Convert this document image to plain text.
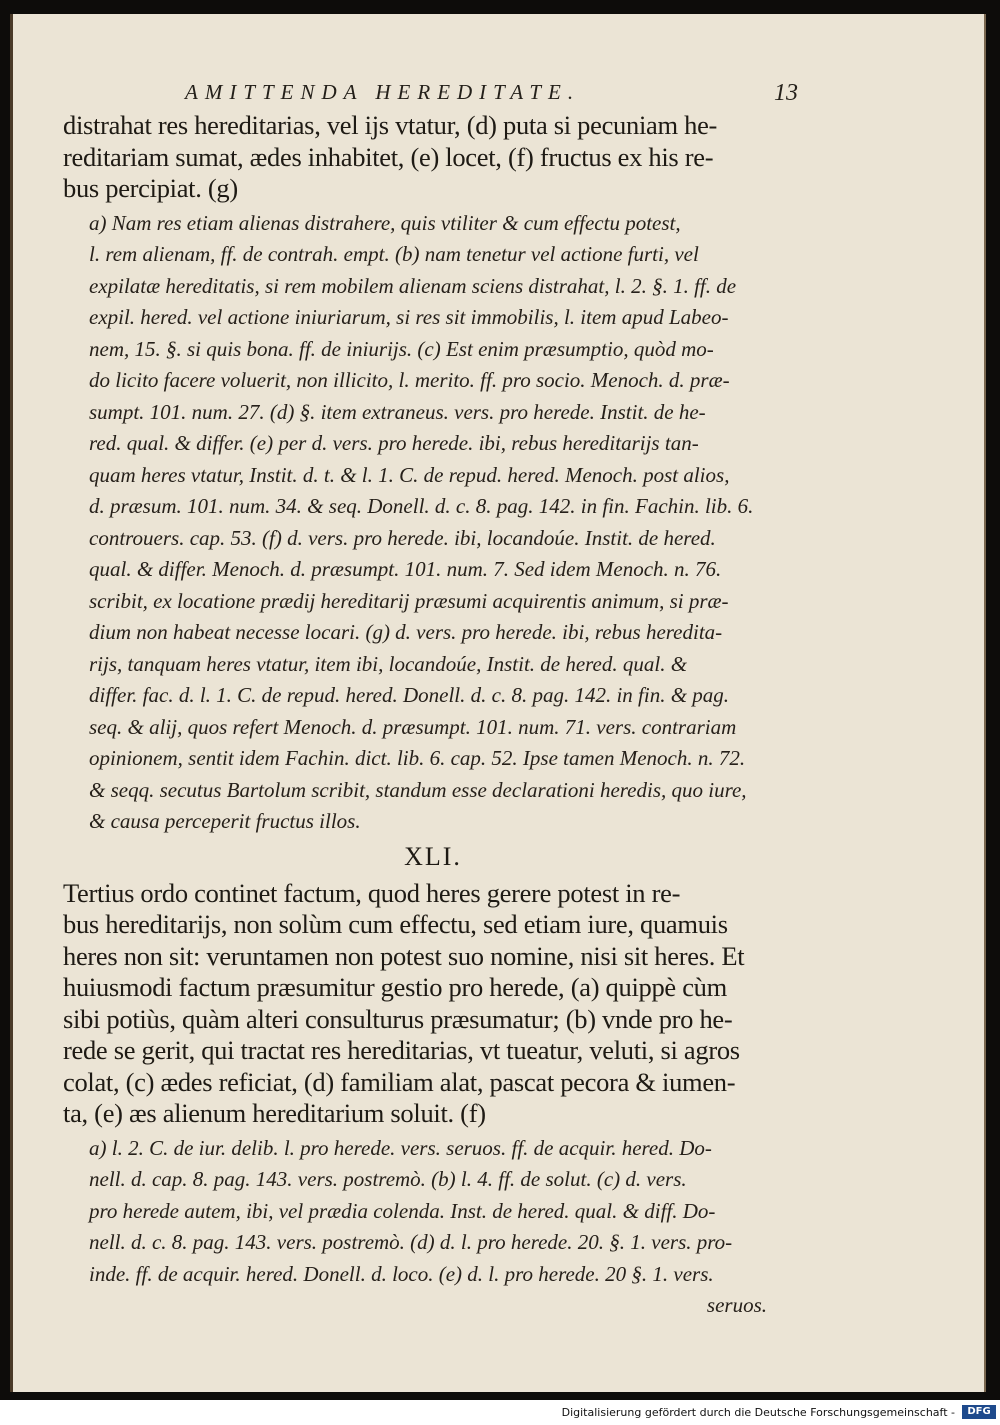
AMITTENDA HEREDITATE.	13

distrahat res hereditarias, vel ijs vtatur, (d) puta si pecuniam he-
reditariam sumat, ædes inhabitet, (e) locet, (f) fructus ex his re-
bus percipiat. (g)

a) Nam res etiam alienas distrahere, quis vtiliter & cum effectu potest,
l. rem alienam, ff. de contrah. empt. (b) nam tenetur vel actione furti, vel
expilatæ hereditatis, si rem mobilem alienam sciens distrahat, l. 2. §. 1. ff. de
expil. hered. vel actione iniuriarum, si res sit immobilis, l. item apud Labeo-
nem, 15. §. si quis bona. ff. de iniurijs. (c) Est enim præsumptio, quòd mo-
do licito facere voluerit, non illicito, l. merito. ff. pro socio. Menoch. d. præ-
sumpt. 101. num. 27. (d) §. item extraneus. vers. pro herede. Instit. de he-
red. qual. & differ. (e) per d. vers. pro herede. ibi, rebus hereditarijs tan-
quam heres vtatur, Instit. d. t. & l. 1. C. de repud. hered. Menoch. post alios,
d. præsum. 101. num. 34. & seq. Donell. d. c. 8. pag. 142. in fin. Fachin. lib. 6.
controuers. cap. 53. (f) d. vers. pro herede. ibi, locandoúe. Instit. de hered.
qual. & differ. Menoch. d. præsumpt. 101. num. 7. Sed idem Menoch. n. 76.
scribit, ex locatione prædij hereditarij præsumi acquirentis animum, si præ-
dium non habeat necesse locari. (g) d. vers. pro herede. ibi, rebus heredita-
rijs, tanquam heres vtatur, item ibi, locandoúe, Instit. de hered. qual. &
differ. fac. d. l. 1. C. de repud. hered. Donell. d. c. 8. pag. 142. in fin. & pag.
seq. & alij, quos refert Menoch. d. præsumpt. 101. num. 71. vers. contrariam
opinionem, sentit idem Fachin. dict. lib. 6. cap. 52. Ipse tamen Menoch. n. 72.
& seqq. secutus Bartolum scribit, standum esse declarationi heredis, quo iure,
& causa perceperit fructus illos.

XLI.

Tertius ordo continet factum, quod heres gerere potest in re-
bus hereditarijs, non solùm cum effectu, sed etiam iure, quamuis
heres non sit: veruntamen non potest suo nomine, nisi sit heres. Et
huiusmodi factum præsumitur gestio pro herede, (a) quippè cùm
sibi potiùs, quàm alteri consulturus præsumatur; (b) vnde pro he-
rede se gerit, qui tractat res hereditarias, vt tueatur, veluti, si agros
colat, (c) ædes reficiat, (d) familiam alat, pascat pecora & iumen-
ta, (e) æs alienum hereditarium soluit. (f)

a) l. 2. C. de iur. delib. l. pro herede. vers. seruos. ff. de acquir. hered. Do-
nell. d. cap. 8. pag. 143. vers. postremò. (b) l. 4. ff. de solut. (c) d. vers.
pro herede autem, ibi, vel prædia colenda. Inst. de hered. qual. & diff. Do-
nell. d. c. 8. pag. 143. vers. postremò. (d) d. l. pro herede. 20. §. 1. vers. pro-
inde. ff. de acquir. hered. Donell. d. loco. (e) d. l. pro herede. 20 §. 1. vers.

seruos.
Digitalisierung gefördert durch die Deutsche Forschungsgemeinschaft -	DFG
